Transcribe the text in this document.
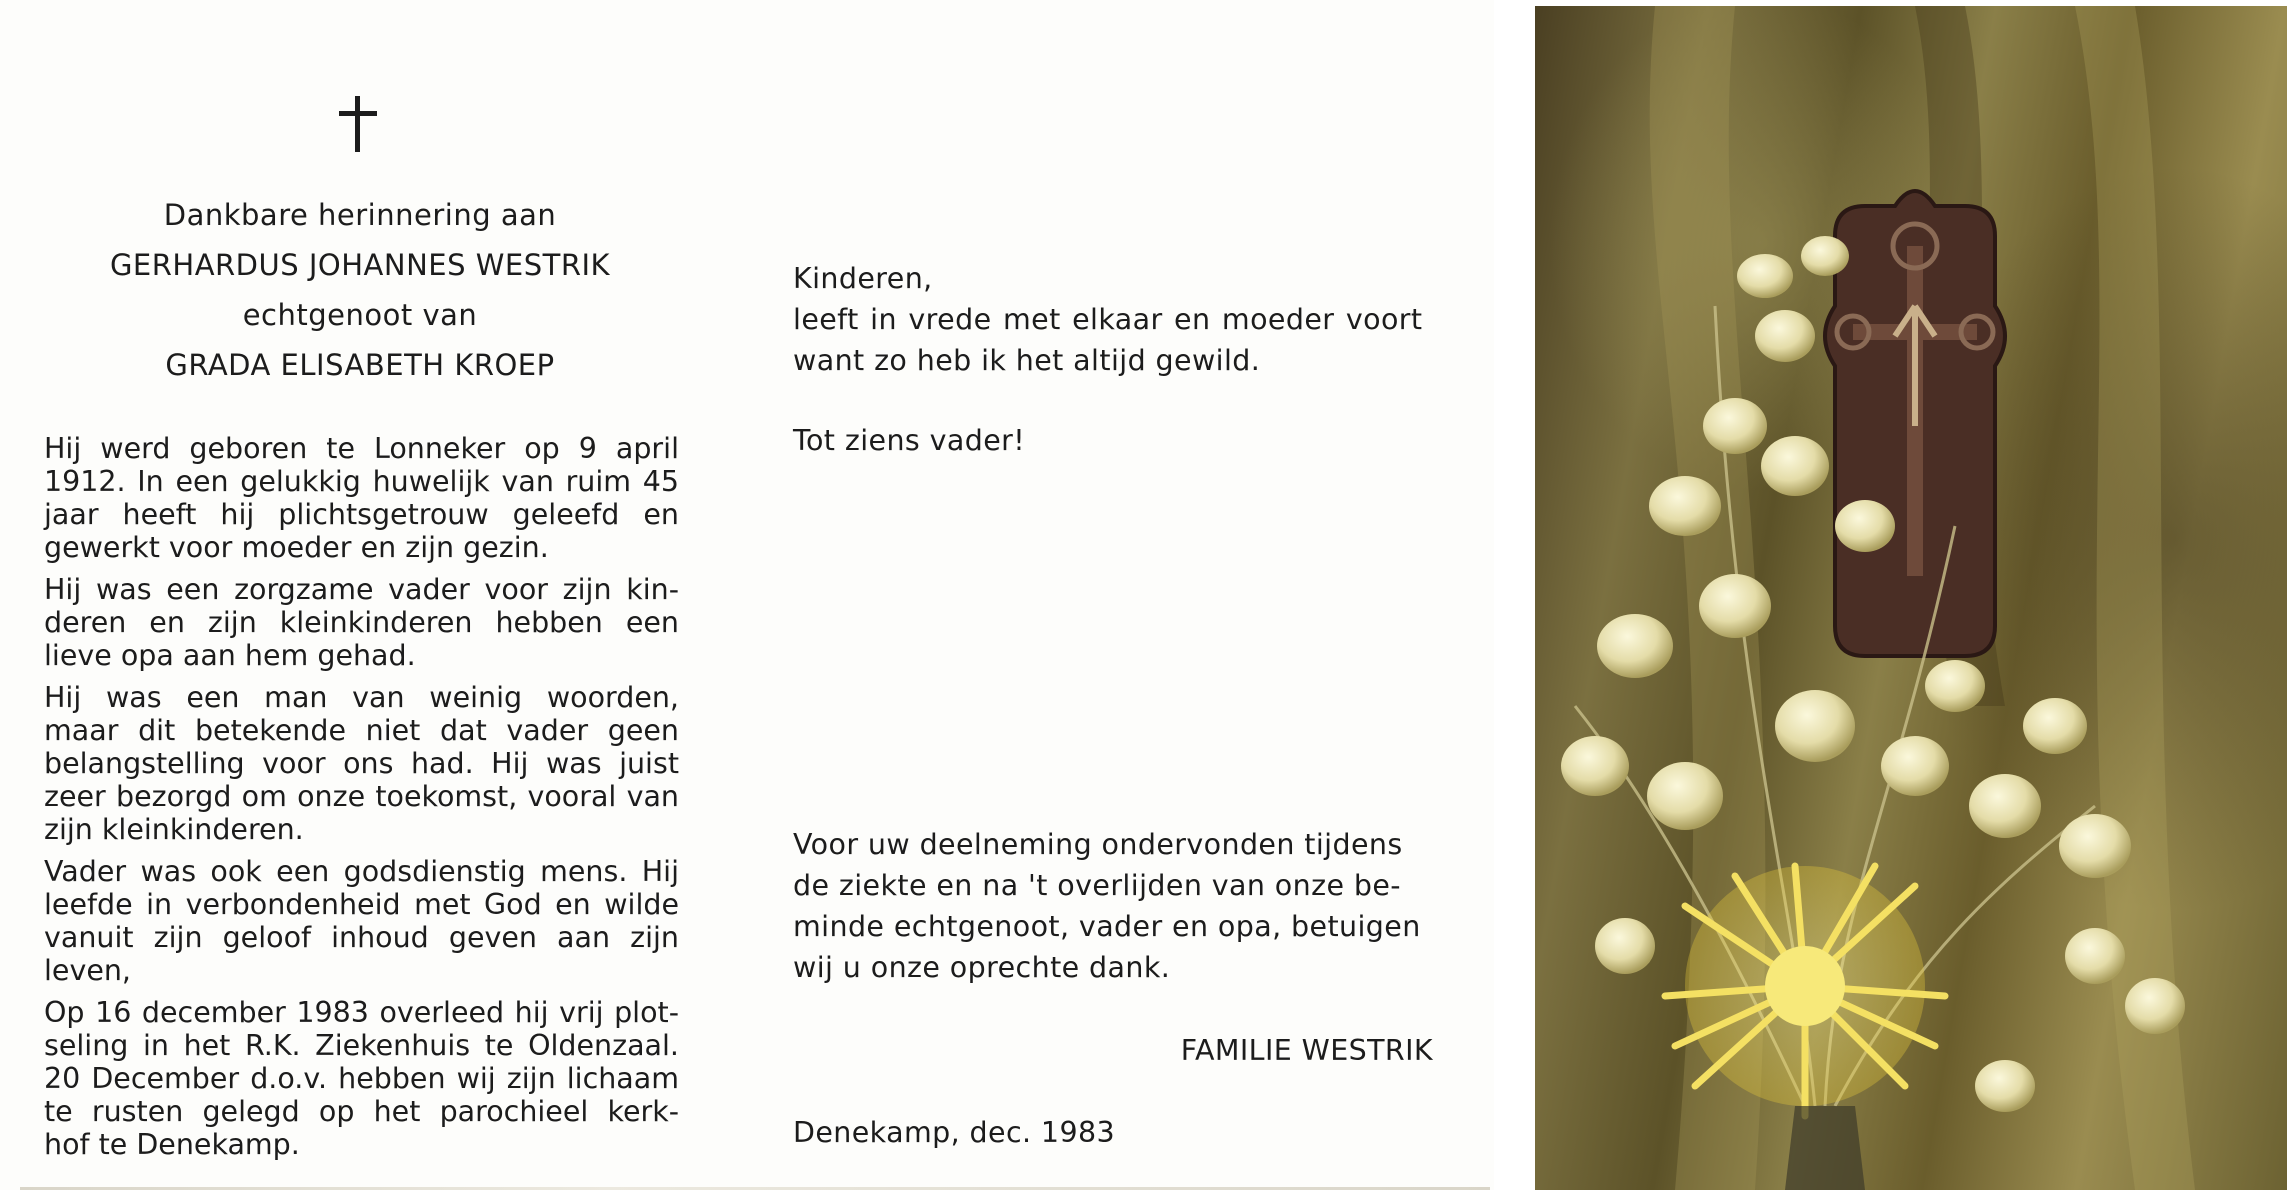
Dankbare herinnering aan
GERHARDUS JOHANNES WESTRIK
echtgenoot van
GRADA ELISABETH KROEP

Hij werd geboren te Lonneker op 9 april
1912. In een gelukkig huwelijk van ruim 45
jaar heeft hij plichtsgetrouw geleefd en
gewerkt voor moeder en zijn gezin.

Hij was een zorgzame vader voor zijn kin-
deren en zijn kleinkinderen hebben een
lieve opa aan hem gehad.

Hij was een man van weinig woorden,
maar dit betekende niet dat vader geen
belangstelling voor ons had. Hij was juist
zeer bezorgd om onze toekomst, vooral van
zijn kleinkinderen.

Vader was ook een godsdienstig mens. Hij
leefde in verbondenheid met God en wilde
vanuit zijn geloof inhoud geven aan zijn
leven,

Op 16 december 1983 overleed hij vrij plot-
seling in het R.K. Ziekenhuis te Oldenzaal.
20 December d.o.v. hebben wij zijn lichaam
te rusten gelegd op het parochieel kerk-
hof te Denekamp.

Kinderen,
leeft in vrede met elkaar en moeder voort
want zo heb ik het altijd gewild.
Tot ziens vader!
Voor uw deelneming ondervonden tijdens
de ziekte en na 't overlijden van onze be-
minde echtgenoot, vader en opa, betuigen
wij u onze oprechte dank.
FAMILIE WESTRIK
Denekamp, dec. 1983
